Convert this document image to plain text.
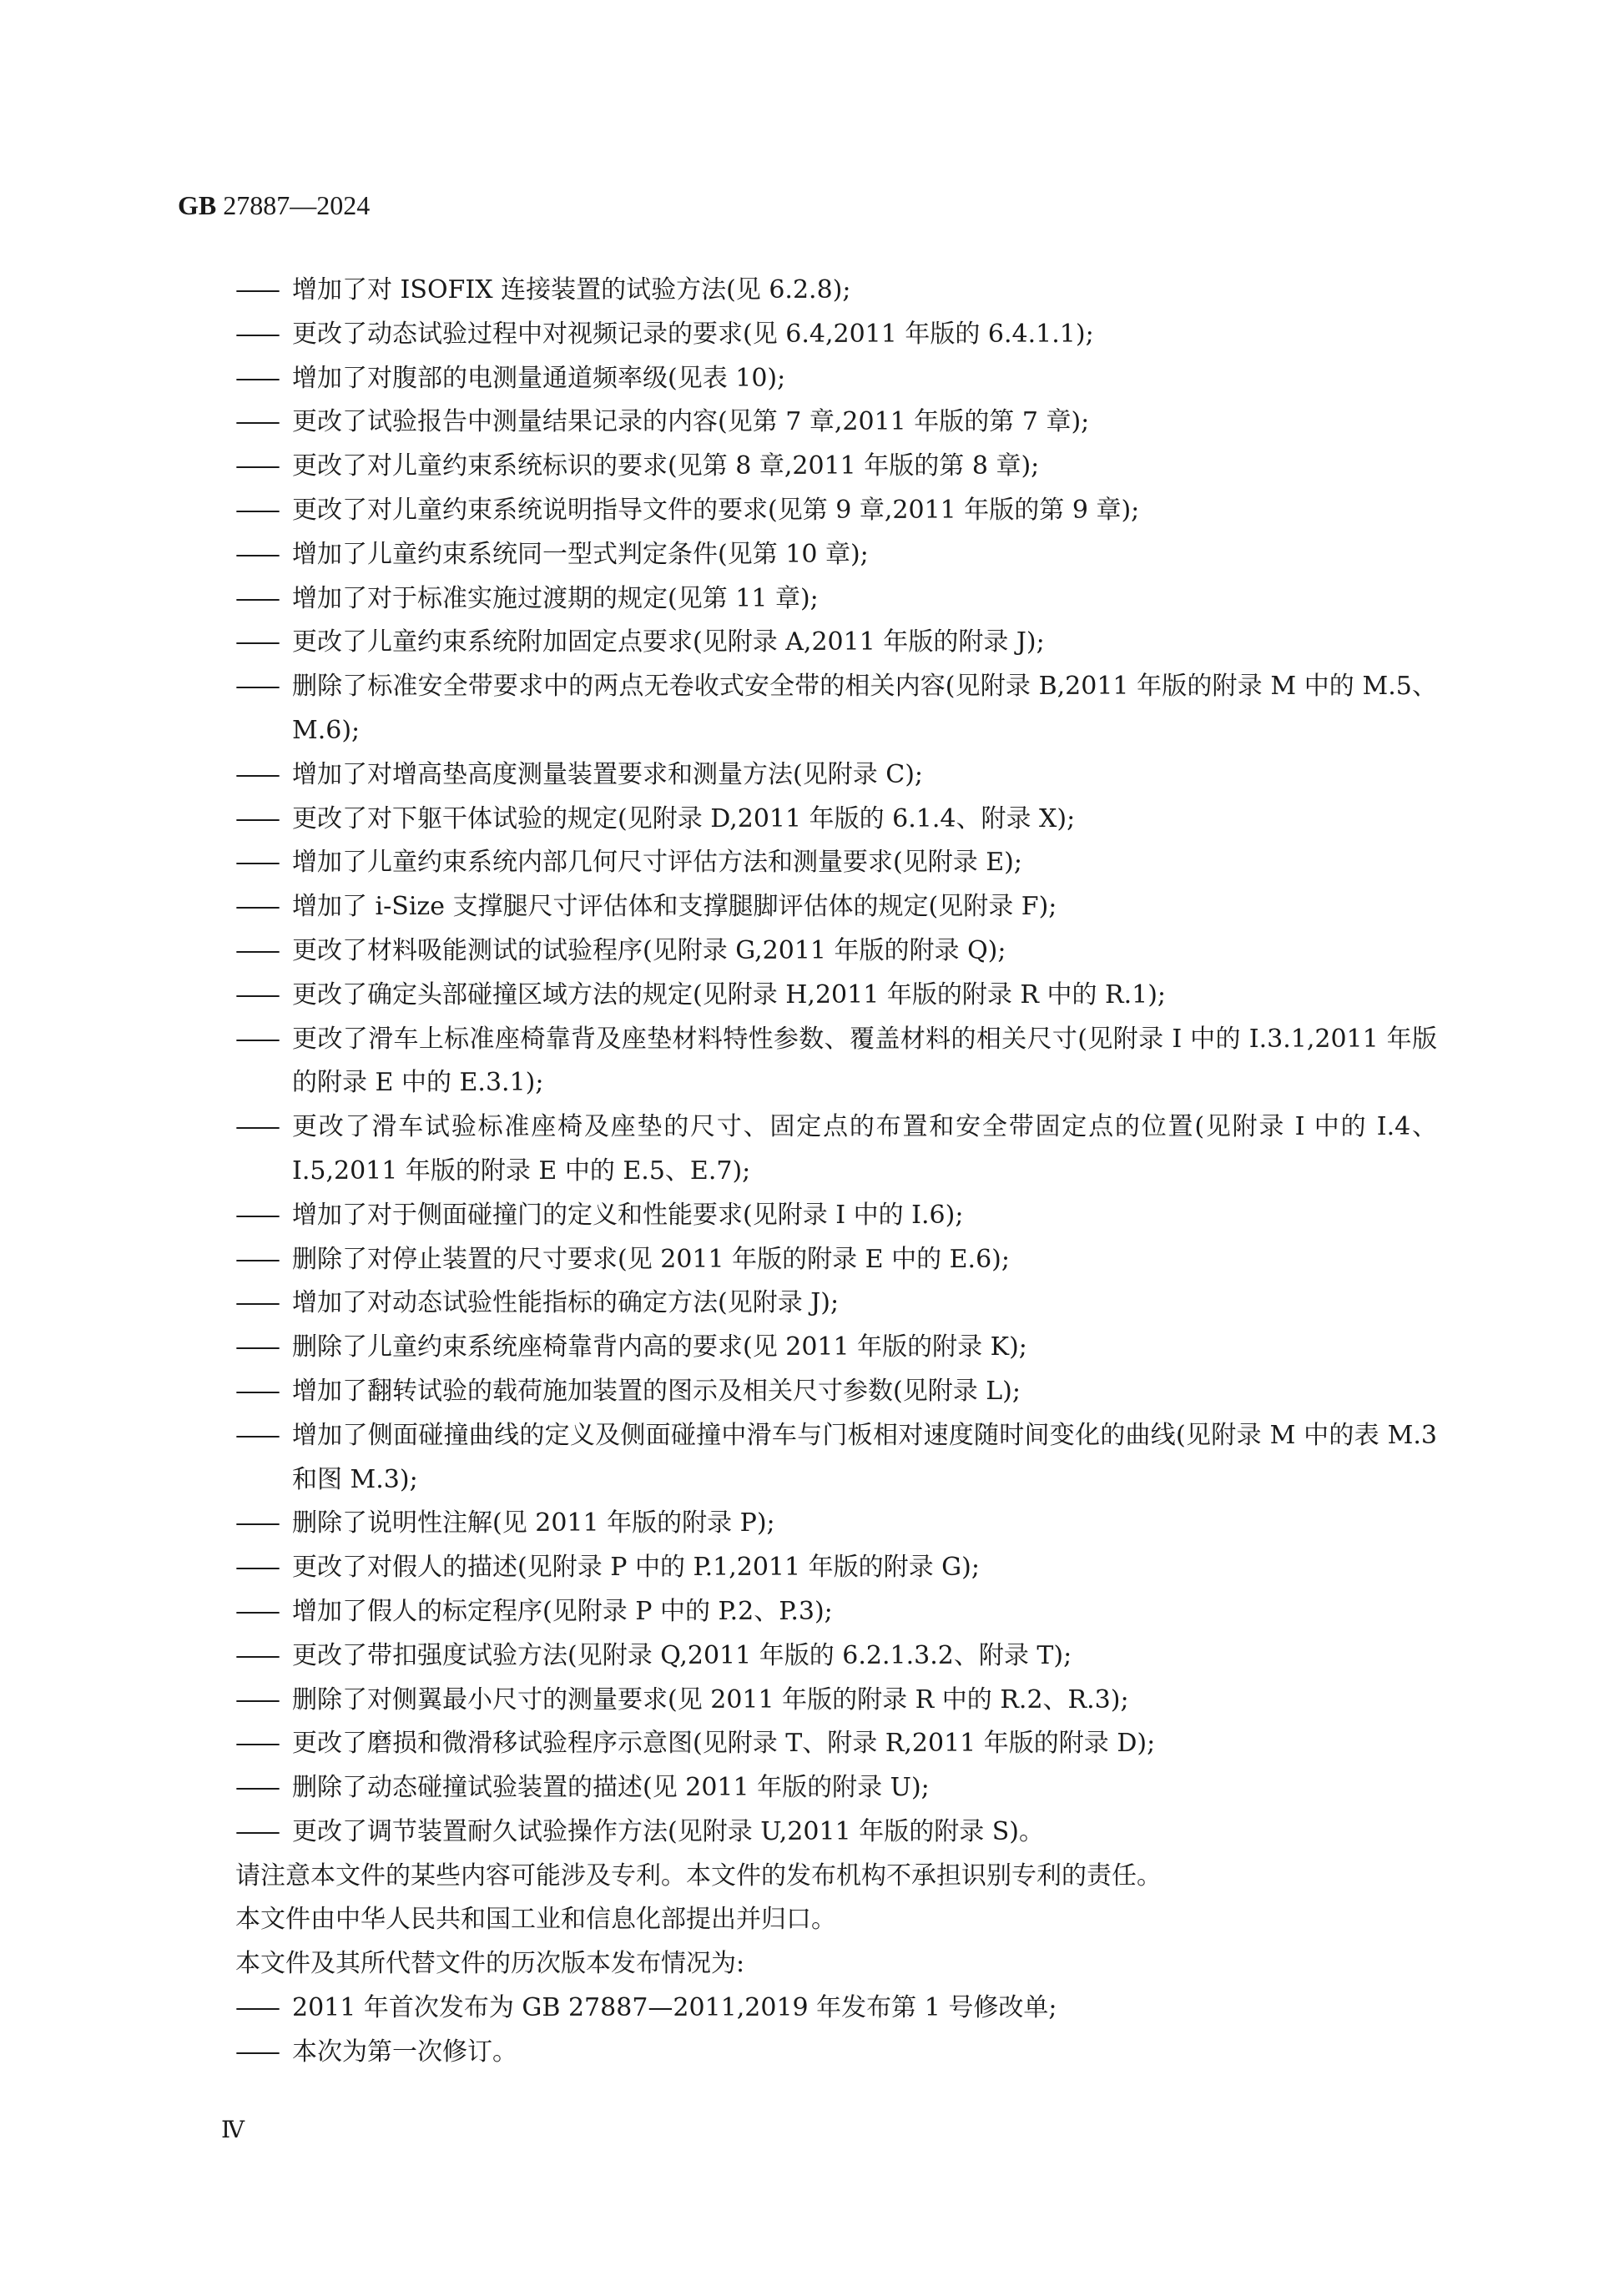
GB 27887—2024
——
增加了对 ISOFIX 连接装置的试验方法(见 6.2.8);
——
更改了动态试验过程中对视频记录的要求(见 6.4,2011 年版的 6.4.1.1);
——
增加了对腹部的电测量通道频率级(见表 10);
——
更改了试验报告中测量结果记录的内容(见第 7 章,2011 年版的第 7 章);
——
更改了对儿童约束系统标识的要求(见第 8 章,2011 年版的第 8 章);
——
更改了对儿童约束系统说明指导文件的要求(见第 9 章,2011 年版的第 9 章);
——
增加了儿童约束系统同一型式判定条件(见第 10 章);
——
增加了对于标准实施过渡期的规定(见第 11 章);
——
更改了儿童约束系统附加固定点要求(见附录 A,2011 年版的附录 J);
——
删除了标准安全带要求中的两点无卷收式安全带的相关内容(见附录 B,2011 年版的附录 M 中的 M.5、M.6);
——
增加了对增高垫高度测量装置要求和测量方法(见附录 C);
——
更改了对下躯干体试验的规定(见附录 D,2011 年版的 6.1.4、附录 X);
——
增加了儿童约束系统内部几何尺寸评估方法和测量要求(见附录 E);
——
增加了 i-Size 支撑腿尺寸评估体和支撑腿脚评估体的规定(见附录 F);
——
更改了材料吸能测试的试验程序(见附录 G,2011 年版的附录 Q);
——
更改了确定头部碰撞区域方法的规定(见附录 H,2011 年版的附录 R 中的 R.1);
——
更改了滑车上标准座椅靠背及座垫材料特性参数、覆盖材料的相关尺寸(见附录 I 中的 I.3.1,2011 年版的附录 E 中的 E.3.1);
——
更改了滑车试验标准座椅及座垫的尺寸、固定点的布置和安全带固定点的位置(见附录 I 中的 I.4、I.5,2011 年版的附录 E 中的 E.5、E.7);
——
增加了对于侧面碰撞门的定义和性能要求(见附录 I 中的 I.6);
——
删除了对停止装置的尺寸要求(见 2011 年版的附录 E 中的 E.6);
——
增加了对动态试验性能指标的确定方法(见附录 J);
——
删除了儿童约束系统座椅靠背内高的要求(见 2011 年版的附录 K);
——
增加了翻转试验的载荷施加装置的图示及相关尺寸参数(见附录 L);
——
增加了侧面碰撞曲线的定义及侧面碰撞中滑车与门板相对速度随时间变化的曲线(见附录 M 中的表 M.3 和图 M.3);
——
删除了说明性注解(见 2011 年版的附录 P);
——
更改了对假人的描述(见附录 P 中的 P.1,2011 年版的附录 G);
——
增加了假人的标定程序(见附录 P 中的 P.2、P.3);
——
更改了带扣强度试验方法(见附录 Q,2011 年版的 6.2.1.3.2、附录 T);
——
删除了对侧翼最小尺寸的测量要求(见 2011 年版的附录 R 中的 R.2、R.3);
——
更改了磨损和微滑移试验程序示意图(见附录 T、附录 R,2011 年版的附录 D);
——
删除了动态碰撞试验装置的描述(见 2011 年版的附录 U);
——
更改了调节装置耐久试验操作方法(见附录 U,2011 年版的附录 S)。
请注意本文件的某些内容可能涉及专利。本文件的发布机构不承担识别专利的责任。
本文件由中华人民共和国工业和信息化部提出并归口。
本文件及其所代替文件的历次版本发布情况为:
——
2011 年首次发布为 GB 27887—2011,2019 年发布第 1 号修改单;
——
本次为第一次修订。
Ⅳ
